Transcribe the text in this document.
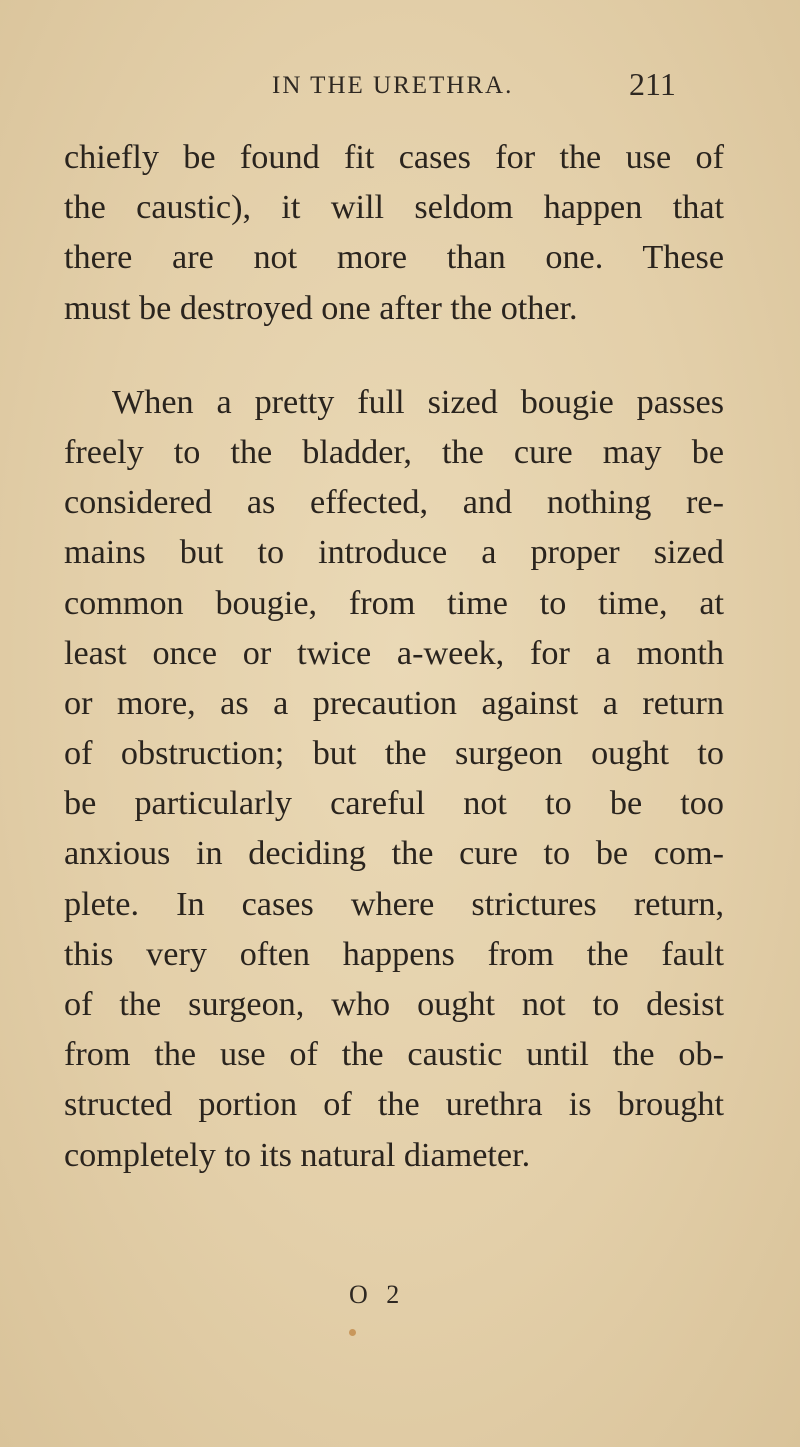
IN THE URETHRA.	211
chiefly be found fit cases for the use of
the caustic), it will seldom happen that
there are not more than one. These
must be destroyed one after the other.
When a pretty full sized bougie passes
freely to the bladder, the cure may be
considered as effected, and nothing re-
mains but to introduce a proper sized
common bougie, from time to time, at
least once or twice a-week, for a month
or more, as a precaution against a return
of obstruction; but the surgeon ought to
be particularly careful not to be too
anxious in deciding the cure to be com-
plete. In cases where strictures return,
this very often happens from the fault
of the surgeon, who ought not to desist
from the use of the caustic until the ob-
structed portion of the urethra is brought
completely to its natural diameter.
O 2
